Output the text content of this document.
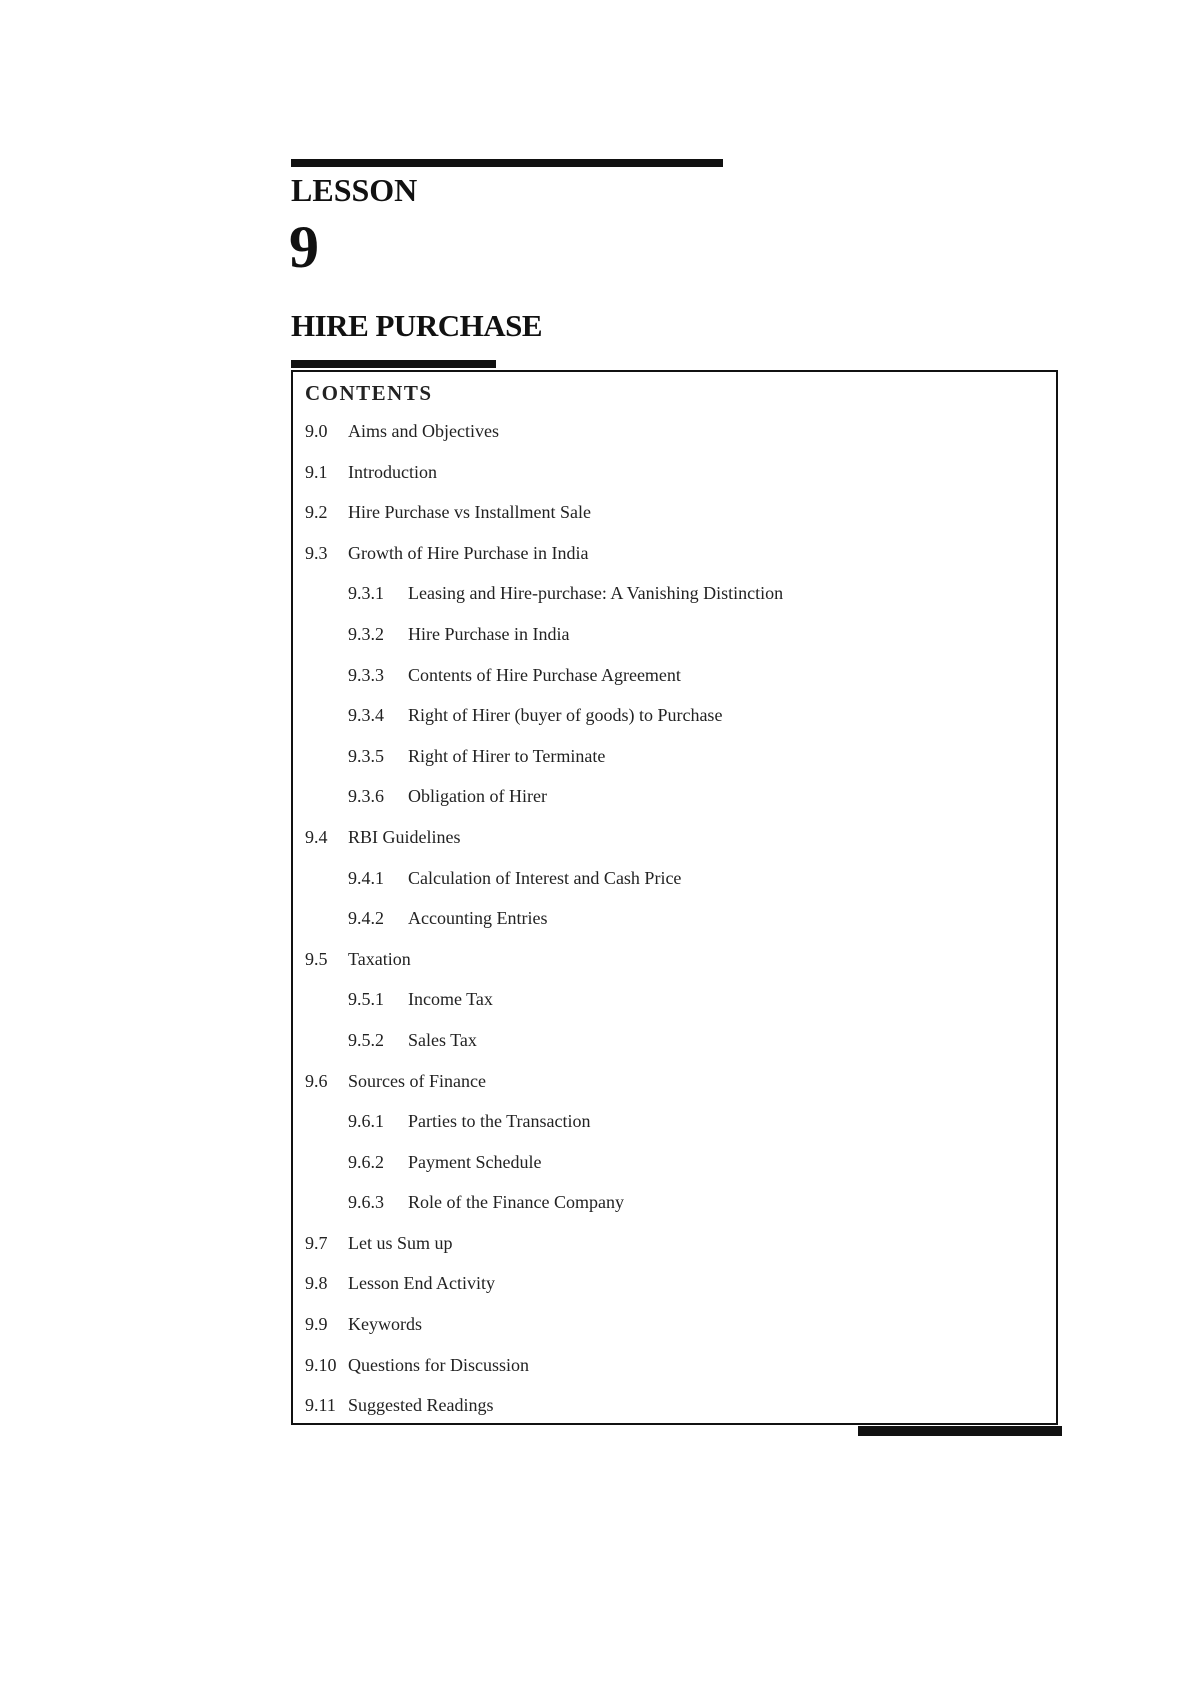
LESSON
9
HIRE PURCHASE
CONTENTS
9.0 Aims and Objectives
9.1 Introduction
9.2 Hire Purchase vs Installment Sale
9.3 Growth of Hire Purchase in India
9.3.1 Leasing and Hire-purchase: A Vanishing Distinction
9.3.2 Hire Purchase in India
9.3.3 Contents of Hire Purchase Agreement
9.3.4 Right of Hirer (buyer of goods) to Purchase
9.3.5 Right of Hirer to Terminate
9.3.6 Obligation of Hirer
9.4 RBI Guidelines
9.4.1 Calculation of Interest and Cash Price
9.4.2 Accounting Entries
9.5 Taxation
9.5.1 Income Tax
9.5.2 Sales Tax
9.6 Sources of Finance
9.6.1 Parties to the Transaction
9.6.2 Payment Schedule
9.6.3 Role of the Finance Company
9.7 Let us Sum up
9.8 Lesson End Activity
9.9 Keywords
9.10 Questions for Discussion
9.11 Suggested Readings
